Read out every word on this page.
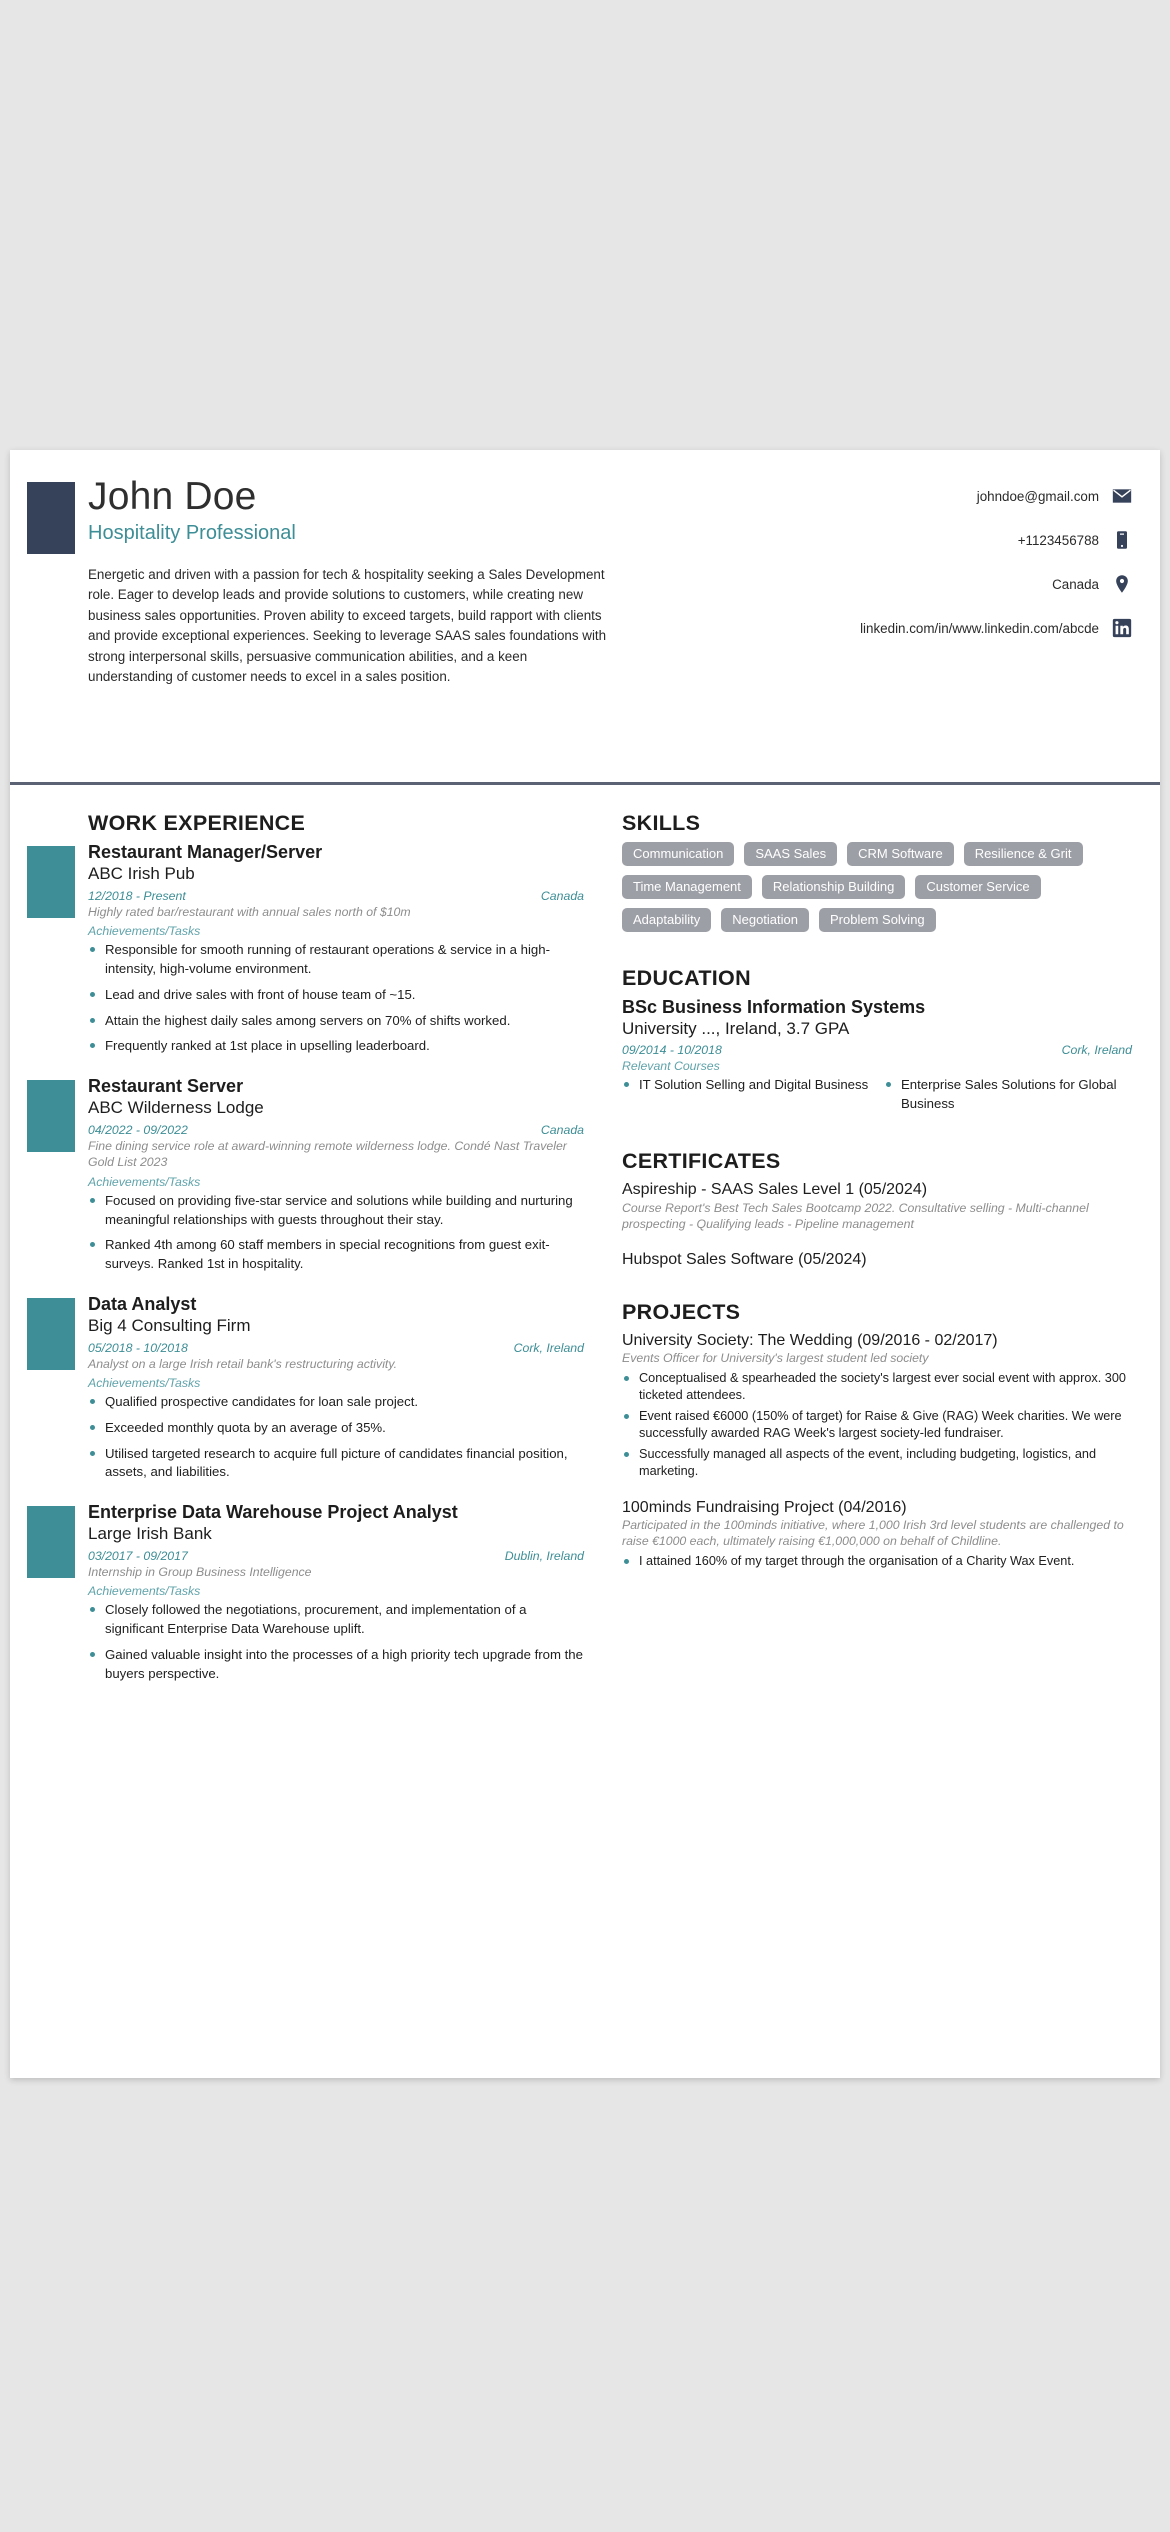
John Doe
Hospitality Professional
Energetic and driven with a passion for tech & hospitality seeking a Sales Development role. Eager to develop leads and provide solutions to customers, while creating new business sales opportunities. Proven ability to exceed targets, build rapport with clients and provide exceptional experiences. Seeking to leverage SAAS sales foundations with strong interpersonal skills, persuasive communication abilities, and a keen understanding of customer needs to excel in a sales position.
johndoe@gmail.com
+1123456788
Canada
linkedin.com/in/www.linkedin.com/abcde
WORK EXPERIENCE
Restaurant Manager/Server
ABC Irish Pub
12/2018 - Present	Canada
Highly rated bar/restaurant with annual sales north of $10m
Achievements/Tasks
Responsible for smooth running of restaurant operations & service in a high-intensity, high-volume environment.
Lead and drive sales with front of house team of ~15.
Attain the highest daily sales among servers on 70% of shifts worked.
Frequently ranked at 1st place in upselling leaderboard.
Restaurant Server
ABC Wilderness Lodge
04/2022 - 09/2022	Canada
Fine dining service role at award-winning remote wilderness lodge. Condé Nast Traveler Gold List 2023
Achievements/Tasks
Focused on providing five-star service and solutions while building and nurturing meaningful relationships with guests throughout their stay.
Ranked 4th among 60 staff members in special recognitions from guest exit-surveys. Ranked 1st in hospitality.
Data Analyst
Big 4 Consulting Firm
05/2018 - 10/2018	Cork, Ireland
Analyst on a large Irish retail bank's restructuring activity.
Achievements/Tasks
Qualified prospective candidates for loan sale project.
Exceeded monthly quota by an average of 35%.
Utilised targeted research to acquire full picture of candidates financial position, assets, and liabilities.
Enterprise Data Warehouse Project Analyst
Large Irish Bank
03/2017 - 09/2017	Dublin, Ireland
Internship in Group Business Intelligence
Achievements/Tasks
Closely followed the negotiations, procurement, and implementation of a significant Enterprise Data Warehouse uplift.
Gained valuable insight into the processes of a high priority tech upgrade from the buyers perspective.
SKILLS
Communication	SAAS Sales	CRM Software	Resilience & Grit
Time Management	Relationship Building	Customer Service
Adaptability	Negotiation	Problem Solving
EDUCATION
BSc Business Information Systems
University ..., Ireland, 3.7 GPA
09/2014 - 10/2018	Cork, Ireland
Relevant Courses
IT Solution Selling and Digital Business	Enterprise Sales Solutions for Global Business
CERTIFICATES
Aspireship - SAAS Sales Level 1 (05/2024)
Course Report's Best Tech Sales Bootcamp 2022. Consultative selling - Multi-channel prospecting - Qualifying leads - Pipeline management
Hubspot Sales Software (05/2024)
PROJECTS
University Society: The Wedding (09/2016 - 02/2017)
Events Officer for University's largest student led society
Conceptualised & spearheaded the society's largest ever social event with approx. 300 ticketed attendees.
Event raised €6000 (150% of target) for Raise & Give (RAG) Week charities. We were successfully awarded RAG Week's largest society-led fundraiser.
Successfully managed all aspects of the event, including budgeting, logistics, and marketing.
100minds Fundraising Project (04/2016)
Participated in the 100minds initiative, where 1,000 Irish 3rd level students are challenged to raise €1000 each, ultimately raising €1,000,000 on behalf of Childline.
I attained 160% of my target through the organisation of a Charity Wax Event.
